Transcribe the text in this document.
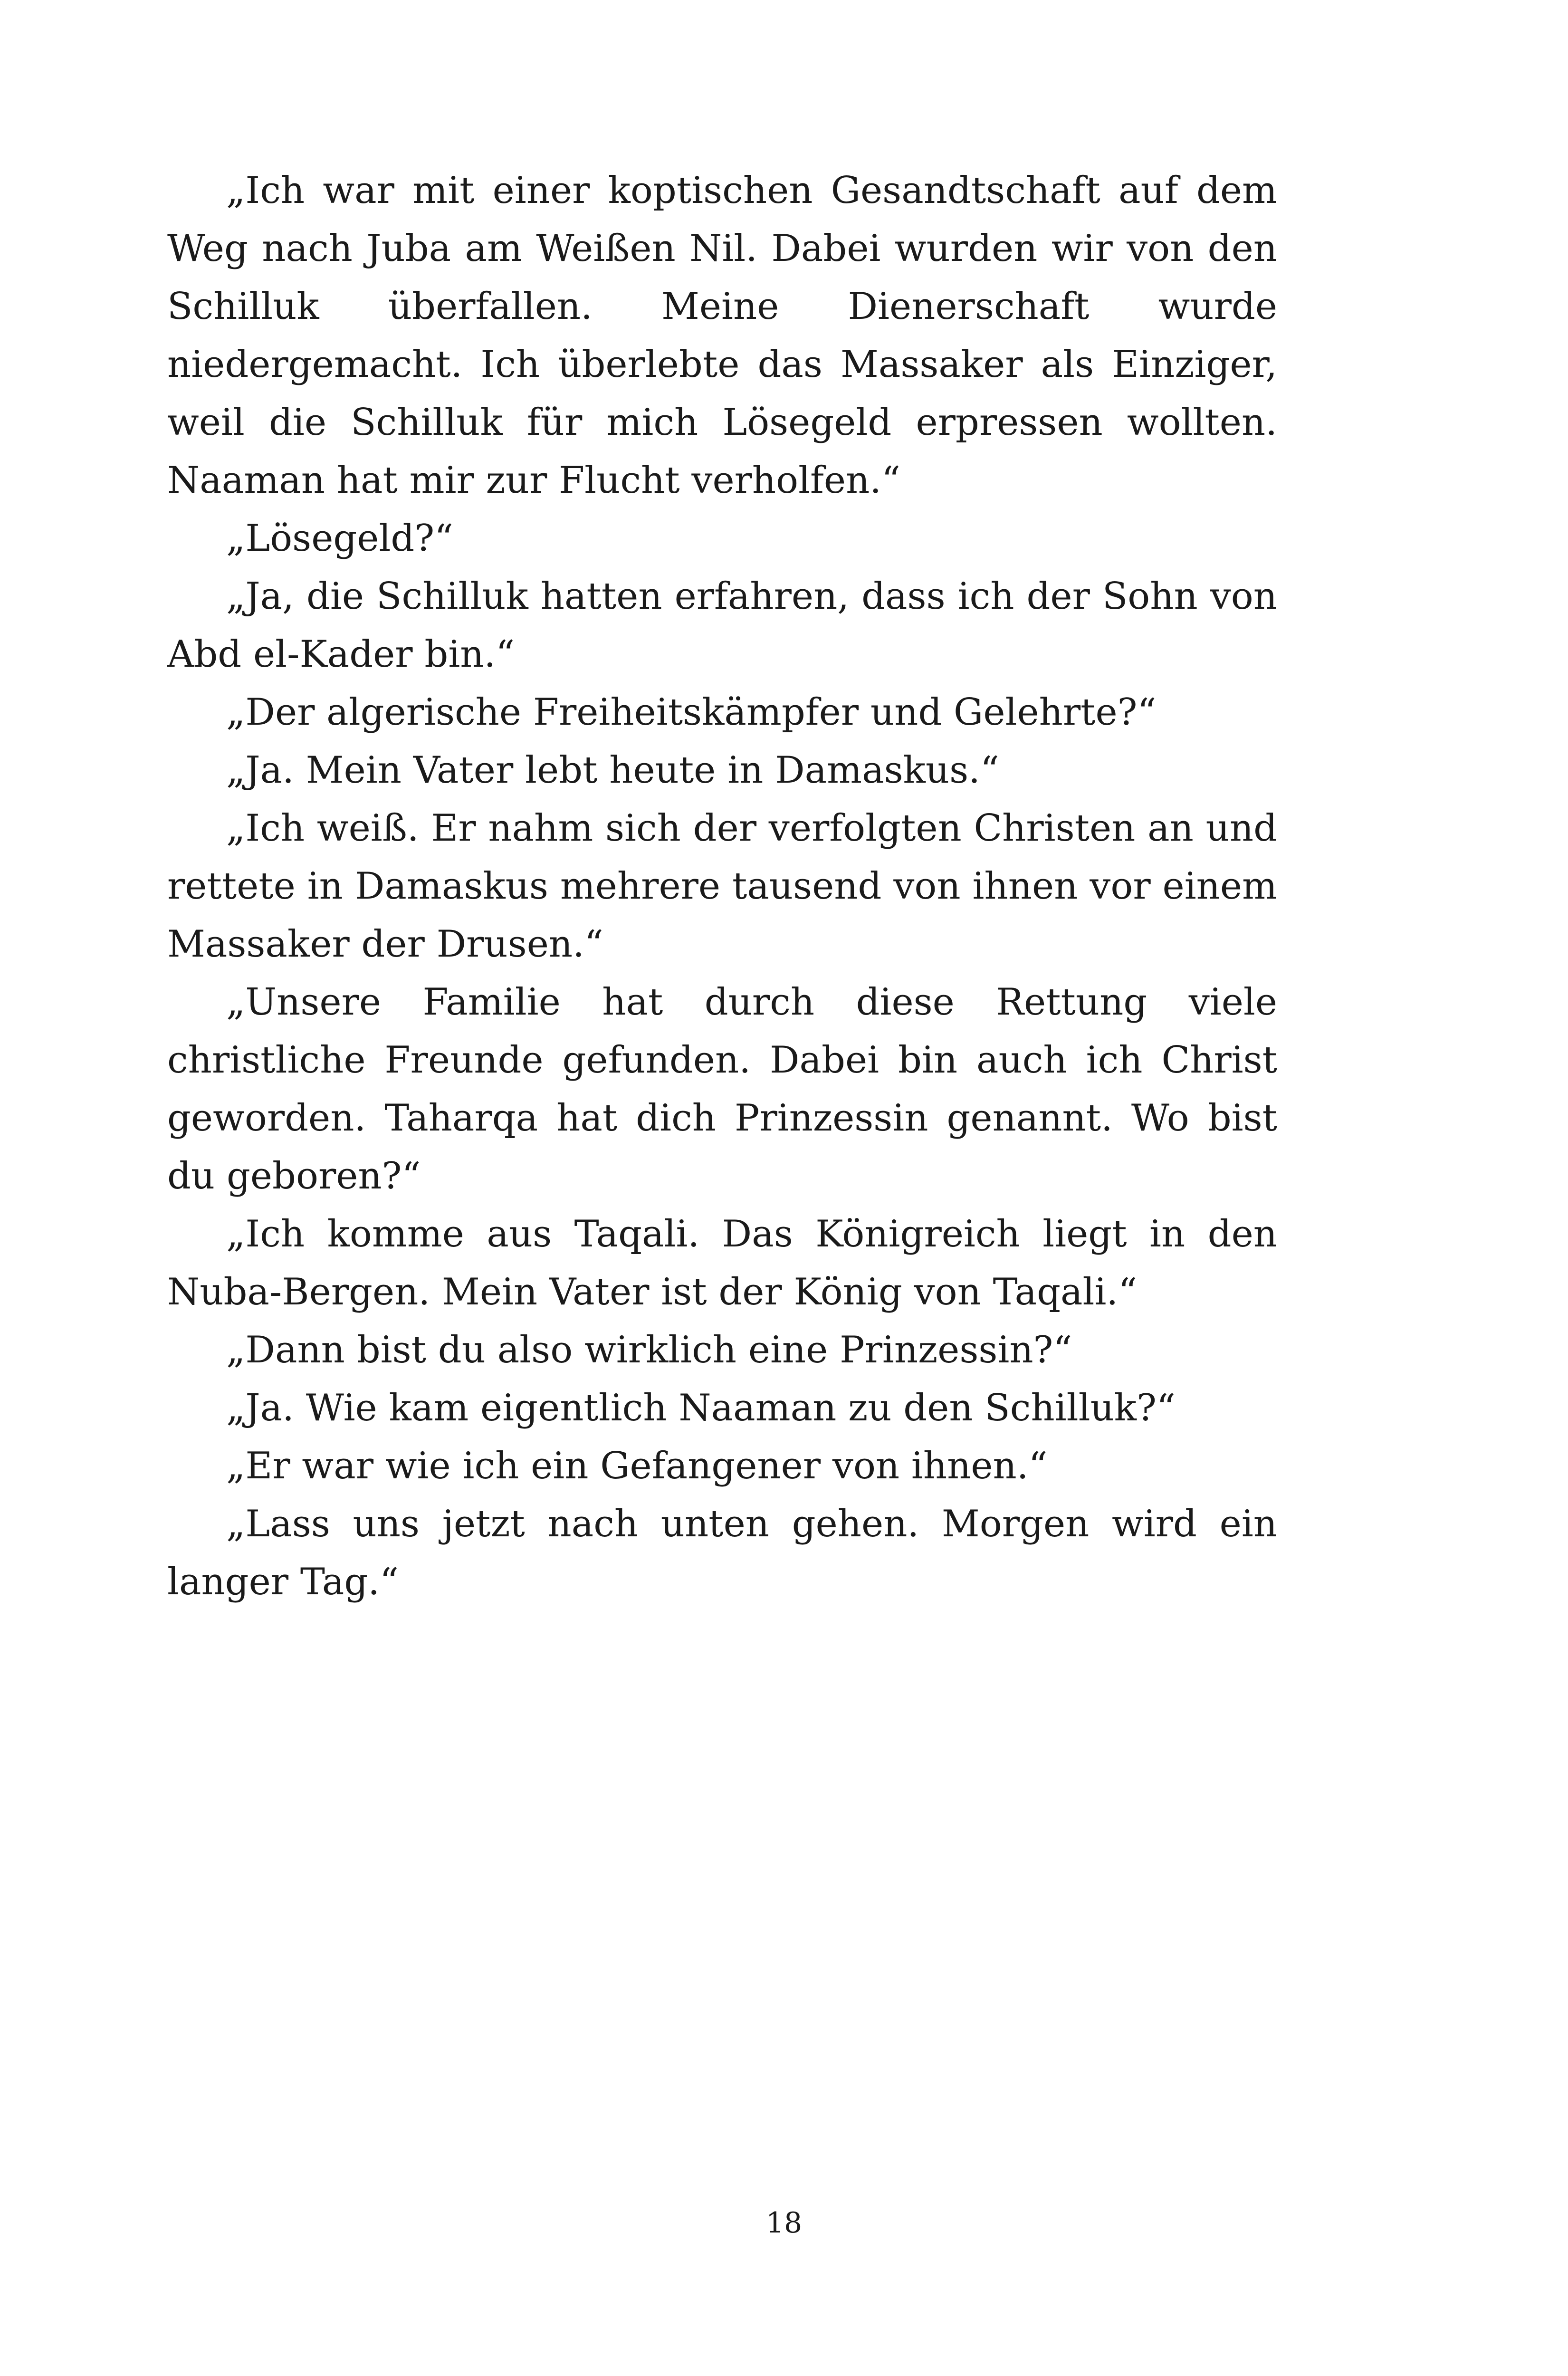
„Ich war mit einer koptischen Gesandtschaft auf dem Weg nach Juba am Weißen Nil. Dabei wurden wir von den Schilluk überfallen. Meine Dienerschaft wurde niedergemacht. Ich überlebte das Massaker als Einziger, weil die Schilluk für mich Lösegeld erpressen wollten. Naaman hat mir zur Flucht verholfen.“

„Lösegeld?“

„Ja, die Schilluk hatten erfahren, dass ich der Sohn von Abd el-Kader bin.“

„Der algerische Freiheitskämpfer und Gelehrte?“

„Ja. Mein Vater lebt heute in Damaskus.“

„Ich weiß. Er nahm sich der verfolgten Christen an und rettete in Damaskus mehrere tausend von ihnen vor einem Massaker der Drusen.“

„Unsere Familie hat durch diese Rettung viele christliche Freunde gefunden. Dabei bin auch ich Christ geworden. Taharqa hat dich Prinzessin genannt. Wo bist du geboren?“

„Ich komme aus Taqali. Das Königreich liegt in den Nuba-Bergen. Mein Vater ist der König von Taqali.“

„Dann bist du also wirklich eine Prinzessin?“

„Ja. Wie kam eigentlich Naaman zu den Schilluk?“

„Er war wie ich ein Gefangener von ihnen.“

„Lass uns jetzt nach unten gehen. Morgen wird ein langer Tag.“

18
